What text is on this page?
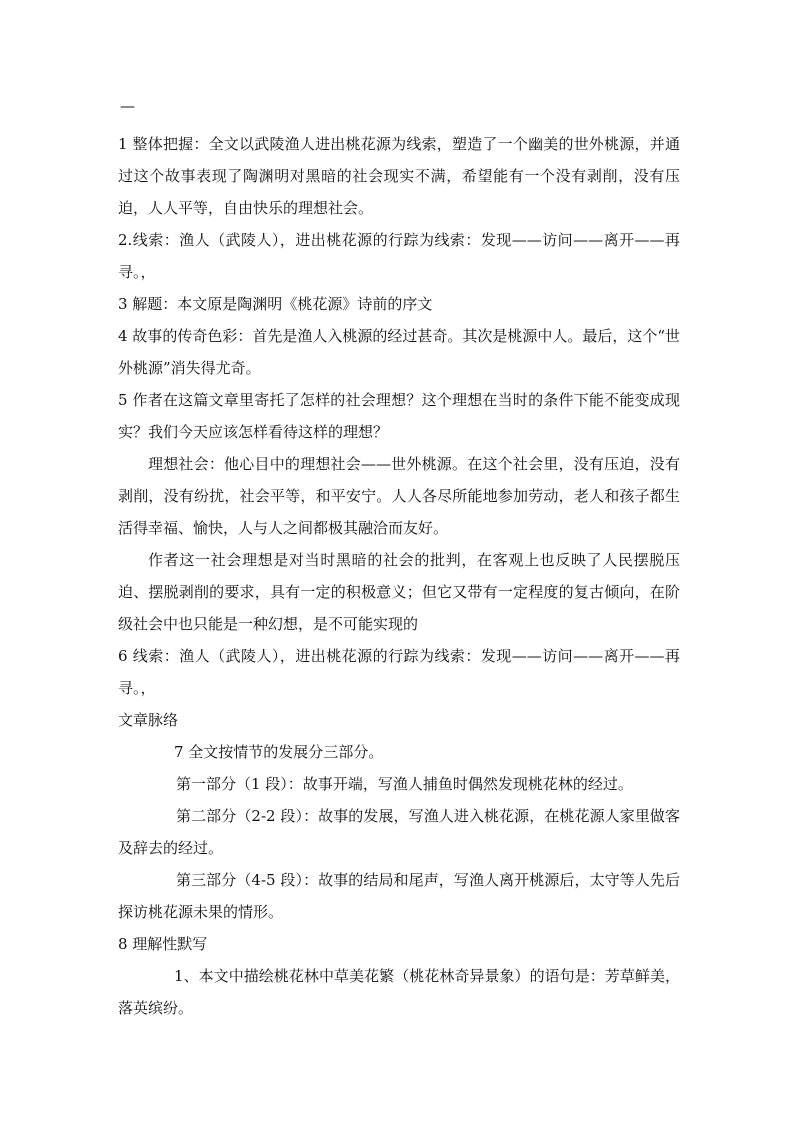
—

1 整体把握：全文以武陵渔人进出桃花源为线索，塑造了一个幽美的世外桃源，并通过这个故事表现了陶渊明对黑暗的社会现实不满，希望能有一个没有剥削，没有压迫，人人平等，自由快乐的理想社会。

2.线索：渔人（武陵人），进出桃花源的行踪为线索：发现——访问——离开——再寻。，

3 解题：本文原是陶渊明《桃花源》诗前的序文

4 故事的传奇色彩：首先是渔人入桃源的经过甚奇。其次是桃源中人。最后，这个“世外桃源”消失得尤奇。

5 作者在这篇文章里寄托了怎样的社会理想？这个理想在当时的条件下能不能变成现实？我们今天应该怎样看待这样的理想？

理想社会：他心目中的理想社会——世外桃源。在这个社会里，没有压迫，没有剥削，没有纷扰，社会平等，和平安宁。人人各尽所能地参加劳动，老人和孩子都生活得幸福、愉快，人与人之间都极其融洽而友好。

作者这一社会理想是对当时黑暗的社会的批判，在客观上也反映了人民摆脱压迫、摆脱剥削的要求，具有一定的积极意义；但它又带有一定程度的复古倾向，在阶级社会中也只能是一种幻想，是不可能实现的

6 线索：渔人（武陵人），进出桃花源的行踪为线索：发现——访问——离开——再寻。，

文章脉络

7 全文按情节的发展分三部分。

第一部分（1 段）：故事开端，写渔人捕鱼时偶然发现桃花林的经过。

第二部分（2-2 段）：故事的发展，写渔人进入桃花源，在桃花源人家里做客及辞去的经过。

第三部分（4-5 段）：故事的结局和尾声，写渔人离开桃源后，太守等人先后探访桃花源未果的情形。

8 理解性默写

1、本文中描绘桃花林中草美花繁（桃花林奇异景象）的语句是：芳草鲜美，落英缤纷。
